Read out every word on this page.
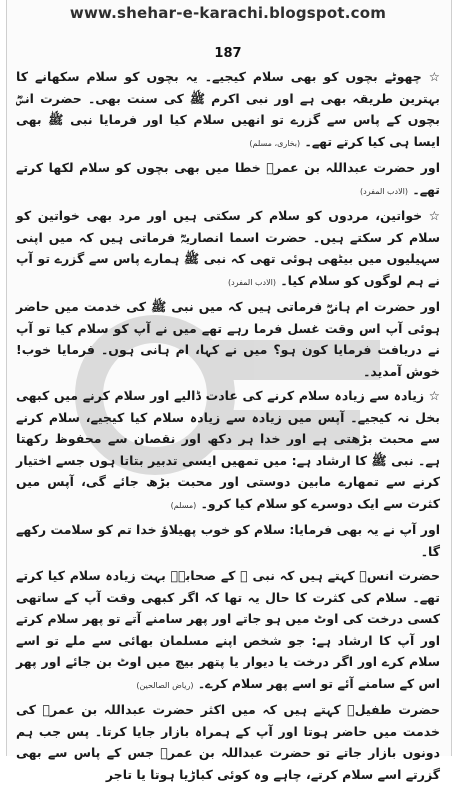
www.shehar-e-karachi.blogspot.com
187

☆ چھوٹے بچوں کو بھی سلام کیجیے۔ یہ بچوں کو سلام سکھانے کا بہترین طریقہ بھی ہے اور نبی اکرم ﷺ کی سنت بھی۔ حضرت انسؓ بچوں کے پاس سے گزرے تو انھیں سلام کیا اور فرمایا نبی ﷺ بھی ایسا ہی کیا کرتے تھے۔ (بخاری، مسلم)

اور حضرت عبداللہ بن عمرؓ خطا میں بھی بچوں کو سلام لکھا کرتے تھے۔ (الادب المفرد)

☆ خواتین، مردوں کو سلام کر سکتی ہیں اور مرد بھی خواتین کو سلام کر سکتے ہیں۔ حضرت اسما انصاریہؓ فرماتی ہیں کہ میں اپنی سہیلیوں میں بیٹھی ہوئی تھی کہ نبی ﷺ ہمارے پاس سے گزرے تو آپ نے ہم لوگوں کو سلام کیا۔ (الادب المفرد)

اور حضرت ام ہانیؓ فرماتی ہیں کہ میں نبی ﷺ کی خدمت میں حاضر ہوئی آپ اس وقت غسل فرما رہے تھے میں نے آپ کو سلام کیا تو آپ نے دریافت فرمایا کون ہو؟ میں نے کہا، ام ہانی ہوں۔ فرمایا خوب! خوش آمدید۔

☆ زیادہ سے زیادہ سلام کرنے کی عادت ڈالیے اور سلام کرنے میں کبھی بخل نہ کیجیے۔ آپس میں زیادہ سے زیادہ سلام کیا کیجیے، سلام کرنے سے محبت بڑھتی ہے اور خدا ہر دکھ اور نقصان سے محفوظ رکھتا ہے۔ نبی ﷺ کا ارشاد ہے: میں تمھیں ایسی تدبیر بتاتا ہوں جسے اختیار کرنے سے تمھارے مابین دوستی اور محبت بڑھ جائے گی، آپس میں کثرت سے ایک دوسرے کو سلام کیا کرو۔ (مسلم)

اور آپ نے یہ بھی فرمایا: سلام کو خوب پھیلاؤ خدا تم کو سلامت رکھے گا۔

حضرت انسؓ کہتے ہیں کہ نبی ﷺ کے صحابہؓ بہت زیادہ سلام کیا کرتے تھے۔ سلام کی کثرت کا حال یہ تھا کہ اگر کبھی وقت آپ کے ساتھی کسی درخت کی اوٹ میں ہو جاتے اور پھر سامنے آتے تو پھر سلام کرتے اور آپ کا ارشاد ہے: جو شخص اپنے مسلمان بھائی سے ملے تو اسے سلام کرے اور اگر درخت یا دیوار یا پتھر بیچ میں اوٹ بن جائے اور پھر اس کے سامنے آئے تو اسے پھر سلام کرے۔ (ریاض الصالحین)

حضرت طفیلؓ کہتے ہیں کہ میں اکثر حضرت عبداللہ بن عمرؓ کی خدمت میں حاضر ہوتا اور آپ کے ہمراہ بازار جایا کرتا۔ پس جب ہم دونوں بازار جاتے تو حضرت عبداللہ بن عمرؓ جس کے پاس سے بھی گزرتے اسے سلام کرتے، چاہے وہ کوئی کباڑیا ہوتا یا تاجر
